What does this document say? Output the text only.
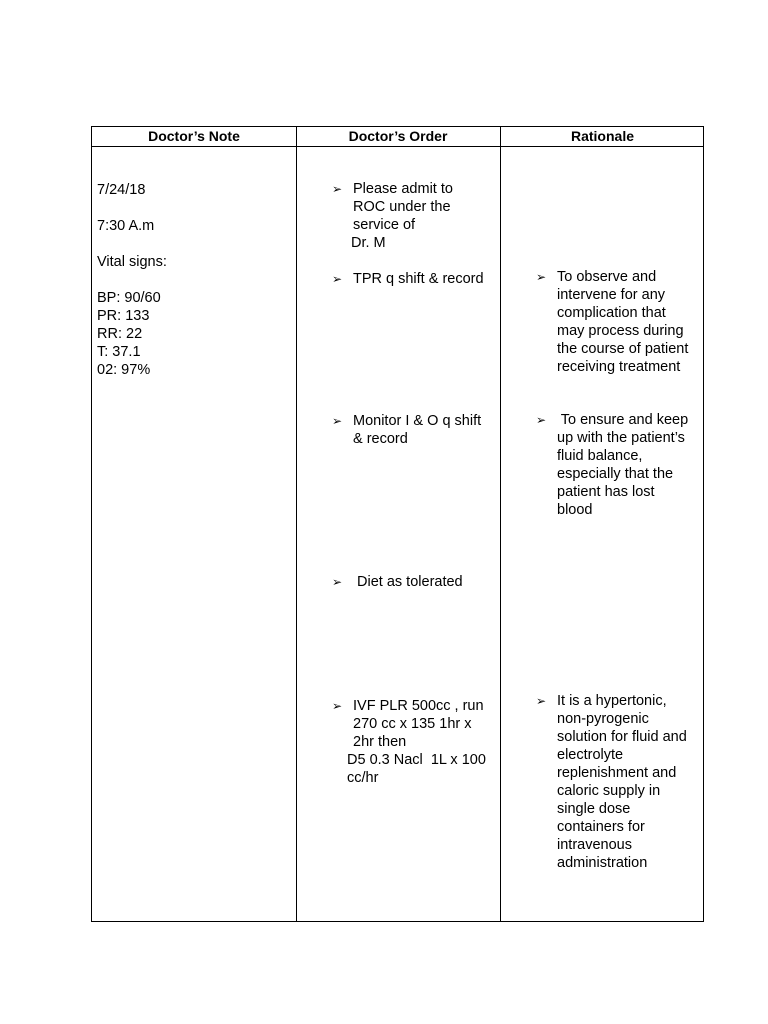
Doctor’s Note	Doctor’s Order	Rationale
7/24/18
7:30 A.m
Vital signs:
BP: 90/60
PR: 133
RR: 22
T: 37.1
02: 97%
➢ Please admit to
ROC under the
service of
Dr. M
➢ TPR q shift & record
➢ Monitor I & O q shift
& record
➢ Diet as tolerated
➢ IVF PLR 500cc , run
270 cc x 135 1hr x
2hr then
D5 0.3 Nacl  1L x 100
cc/hr
➢ To observe and
intervene for any
complication that
may process during
the course of patient
receiving treatment
➢ To ensure and keep
up with the patient’s
fluid balance,
especially that the
patient has lost
blood
➢ It is a hypertonic,
non-pyrogenic
solution for fluid and
electrolyte
replenishment and
caloric supply in
single dose
containers for
intravenous
administration
